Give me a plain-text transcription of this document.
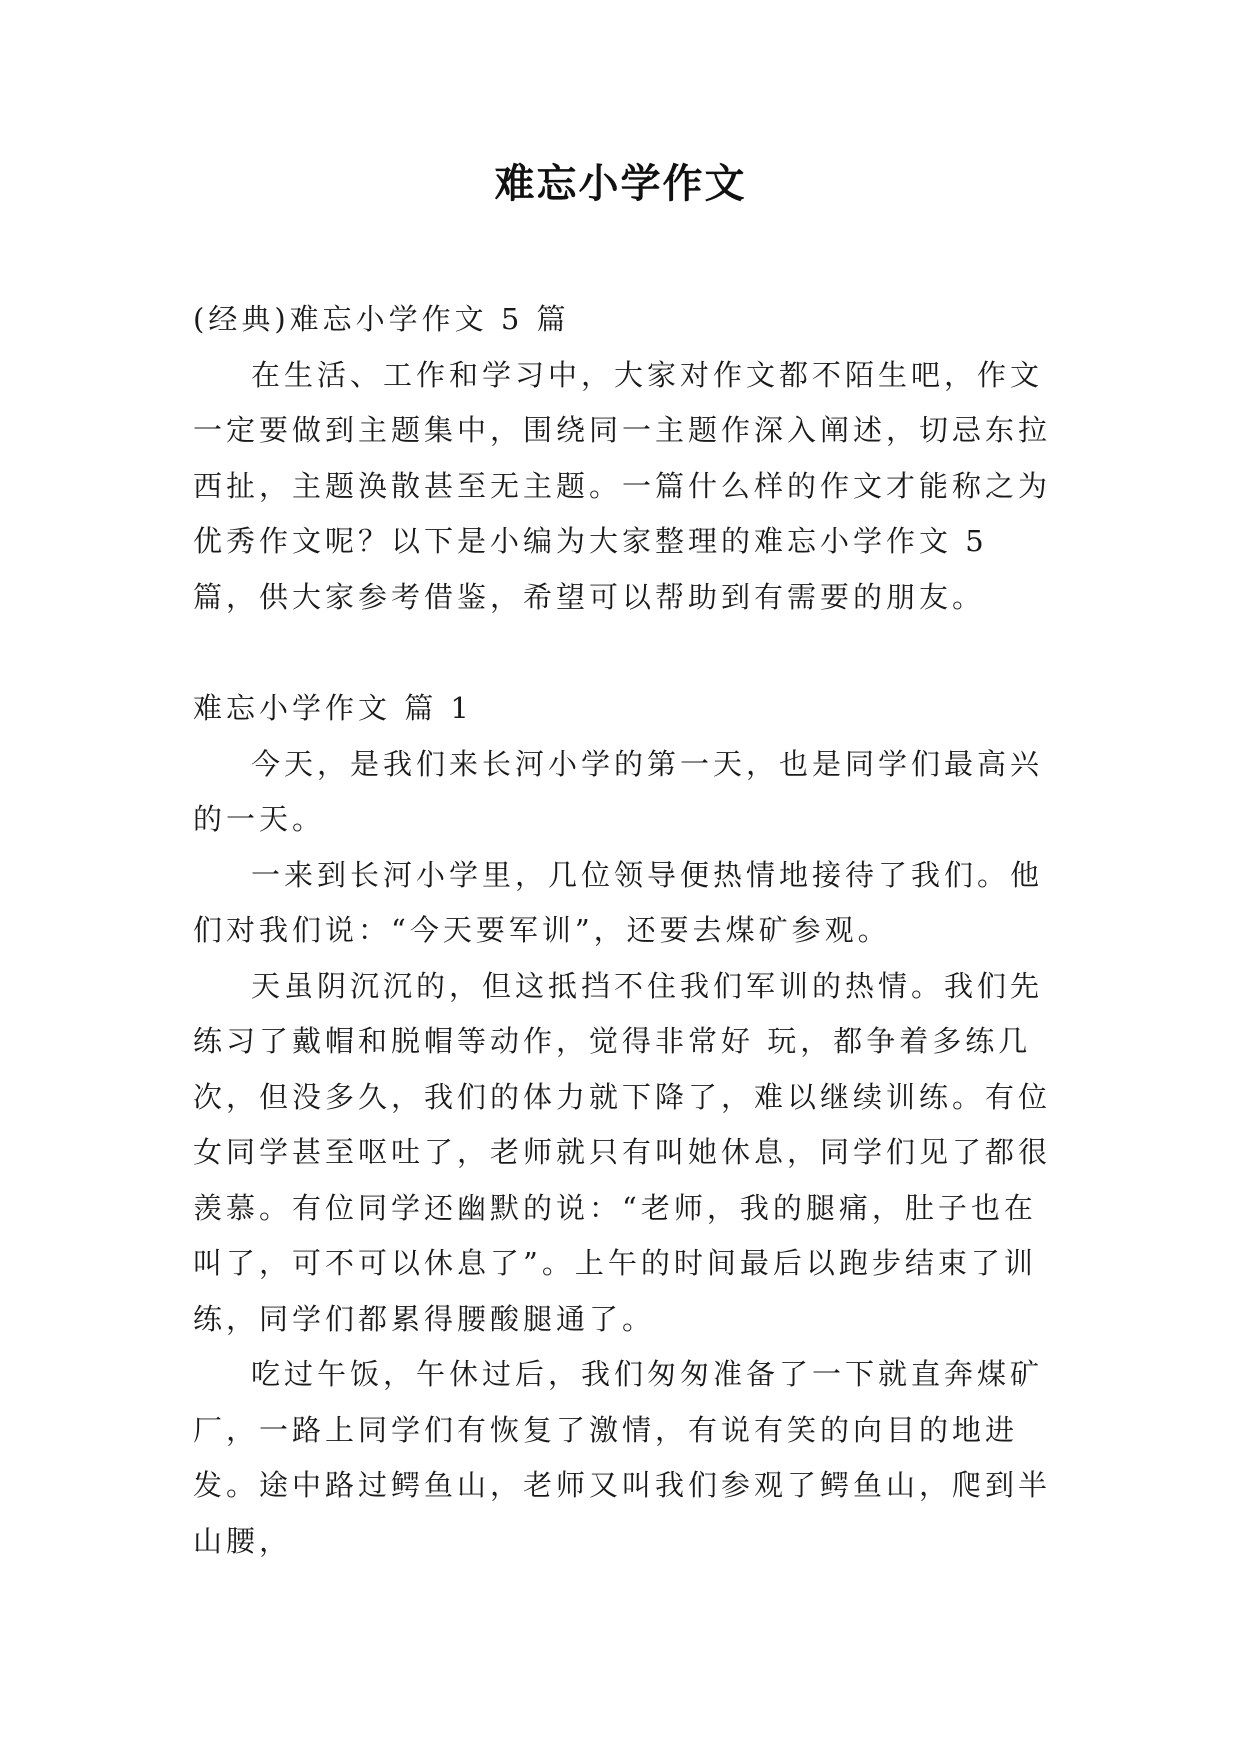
难忘小学作文

(经典)难忘小学作文 5 篇

在生活、工作和学习中，大家对作文都不陌生吧，作文一定要做到主题集中，围绕同一主题作深入阐述，切忌东拉西扯，主题涣散甚至无主题。一篇什么样的作文才能称之为优秀作文呢？以下是小编为大家整理的难忘小学作文 5 篇，供大家参考借鉴，希望可以帮助到有需要的朋友。

难忘小学作文 篇 1

今天，是我们来长河小学的第一天，也是同学们最高兴的一天。

一来到长河小学里，几位领导便热情地接待了我们。他们对我们说：“今天要军训”，还要去煤矿参观。

天虽阴沉沉的，但这抵挡不住我们军训的热情。我们先练习了戴帽和脱帽等动作，觉得非常好 玩，都争着多练几次，但没多久，我们的体力就下降了，难以继续训练。有位女同学甚至呕吐了，老师就只有叫她休息，同学们见了都很羡慕。有位同学还幽默的说：“老师，我的腿痛，肚子也在叫了，可不可以休息了”。上午的时间最后以跑步结束了训练，同学们都累得腰酸腿通了。

吃过午饭，午休过后，我们匆匆准备了一下就直奔煤矿厂，一路上同学们有恢复了激情，有说有笑的向目的地进发。途中路过鳄鱼山，老师又叫我们参观了鳄鱼山，爬到半山腰，
